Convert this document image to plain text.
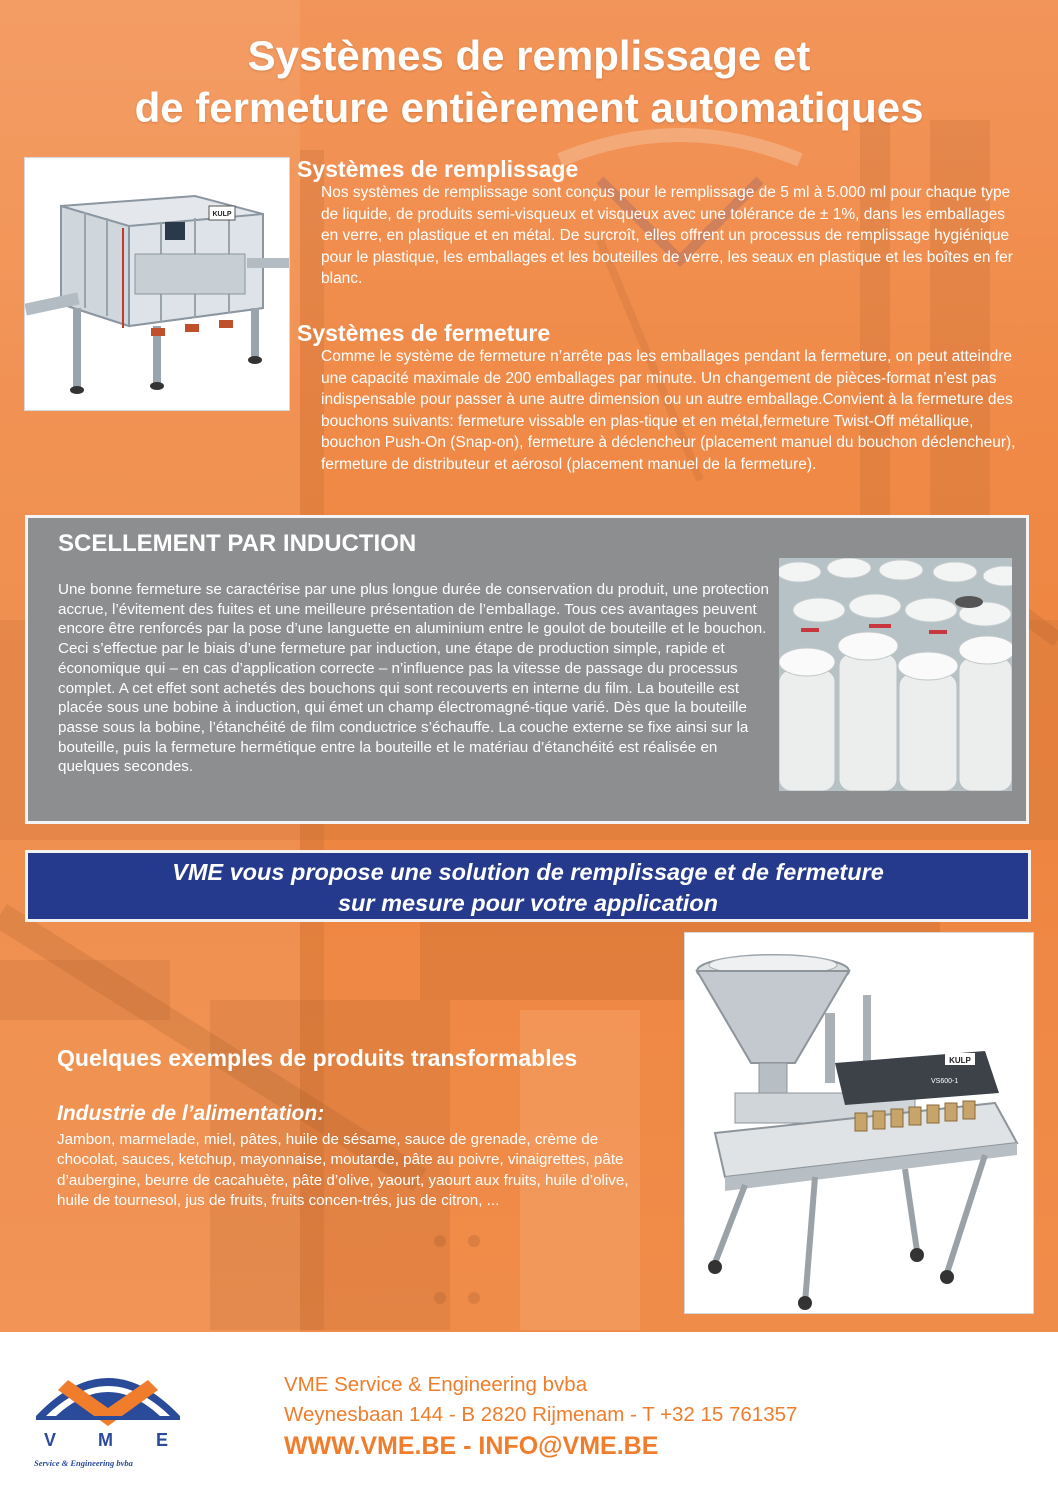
Systèmes de remplissage et
de fermeture entièrement automatiques
KULP
Systèmes de remplissage
Nos systèmes de remplissage sont conçus pour le remplissage de 5 ml à 5.000 ml pour chaque type de liquide, de produits semi-visqueux et visqueux avec une tolérance de ± 1%, dans les emballages en verre, en plastique et en métal. De surcroît, elles offrent un processus de remplissage hygiénique pour le plastique, les emballages et les bouteilles de verre, les seaux en plastique et les boîtes en fer blanc.
Systèmes de fermeture
Comme le système de fermeture n’arrête pas les emballages pendant la fermeture, on peut atteindre une capacité maximale de 200 emballages par minute. Un changement de pièces-format n’est pas indispensable pour passer à une autre dimension ou un autre emballage.Convient à la fermeture des bouchons suivants: fermeture vissable en plas-tique et en métal,fermeture Twist-Off métallique, bouchon Push-On (Snap-on), fermeture à déclencheur (placement manuel du bouchon déclencheur), fermeture de distributeur et aérosol (placement manuel de la fermeture).
SCELLEMENT PAR INDUCTION
Une bonne fermeture se caractérise par une plus longue durée de conservation du produit, une protection accrue, l’évitement des fuites et une meilleure présentation de l’emballage. Tous ces avantages peuvent encore être renforcés par la pose d’une languette en aluminium entre le goulot de bouteille et le bouchon. Ceci s’effectue par le biais d’une fermeture par induction, une étape de production simple, rapide et économique qui – en cas d’application correcte – n’influence pas la vitesse de passage du processus complet. A cet effet sont achetés des bouchons qui sont recouverts en interne du film. La bouteille est placée sous une bobine à induction, qui émet un champ électromagné-tique varié. Dès que la bouteille passe sous la bobine, l’étanchéité de film conductrice s’échauffe. La couche externe se fixe ainsi sur la bouteille, puis la fermeture hermétique entre la bouteille et le matériau d’étanchéité est réalisée en quelques secondes.
VME vous propose une solution de remplissage et de fermeture
sur mesure pour votre application
Quelques exemples de produits transformables
Industrie de l’alimentation:
Jambon, marmelade, miel, pâtes, huile de sésame, sauce de grenade, crème de chocolat, sauces, ketchup, mayonnaise, moutarde, pâte au poivre, vinaigrettes, pâte d’aubergine, beurre de cacahuète, pâte d’olive, yaourt, yaourt aux fruits, huile d’olive, huile de tournesol, jus de fruits, fruits concen-trés, jus de citron, ...
KULP
VS600-1
V M E
Service & Engineering bvba
VME Service & Engineering bvba
Weynesbaan 144 - B 2820 Rijmenam - T +32 15 761357
WWW.VME.BE - INFO@VME.BE
